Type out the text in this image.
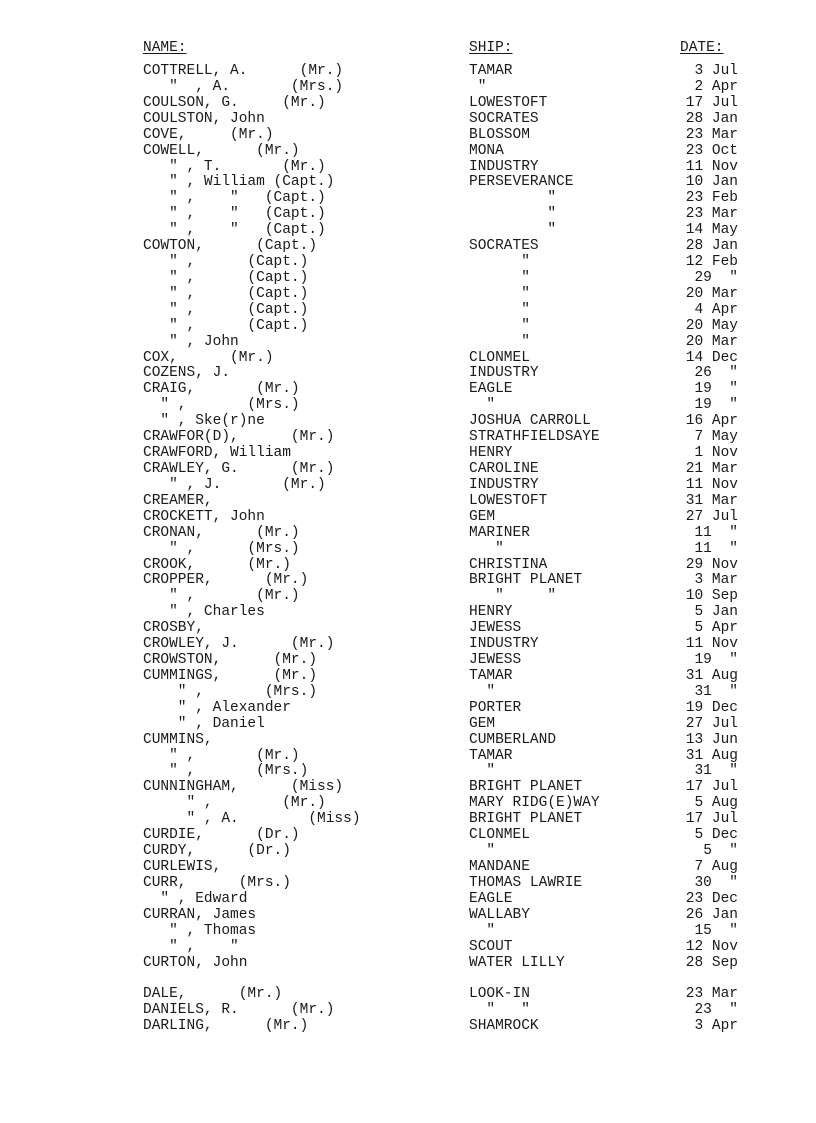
NAME:	SHIP:	DATE:
COTTRELL, A.      (Mr.)	TAMAR	3 Jul
"  , A.       (Mrs.)	"	2 Apr
COULSON, G.     (Mr.)	LOWESTOFT	17 Jul
COULSTON, John	SOCRATES	28 Jan
COVE,     (Mr.)	BLOSSOM	23 Mar
COWELL,      (Mr.)	MONA	23 Oct
" , T.       (Mr.)	INDUSTRY	11 Nov
" , William (Capt.)	PERSEVERANCE	10 Jan
" ,    "   (Capt.)	"	23 Feb
" ,    "   (Capt.)	"	23 Mar
" ,    "   (Capt.)	"	14 May
COWTON,      (Capt.)	SOCRATES	28 Jan
" ,      (Capt.)	"	12 Feb
" ,      (Capt.)	"	29  "
" ,      (Capt.)	"	20 Mar
" ,      (Capt.)	"	4 Apr
" ,      (Capt.)	"	20 May
" , John	"	20 Mar
COX,      (Mr.)	CLONMEL	14 Dec
COZENS, J.	INDUSTRY	26  "
CRAIG,       (Mr.)	EAGLE	19  "
" ,       (Mrs.)	"	19  "
" , Ske(r)ne	JOSHUA CARROLL	16 Apr
CRAWFOR(D),      (Mr.)	STRATHFIELDSAYE	7 May
CRAWFORD, William	HENRY	1 Nov
CRAWLEY, G.      (Mr.)	CAROLINE	21 Mar
" , J.       (Mr.)	INDUSTRY	11 Nov
CREAMER,	LOWESTOFT	31 Mar
CROCKETT, John	GEM	27 Jul
CRONAN,      (Mr.)	MARINER	11  "
" ,      (Mrs.)	"	11  "
CROOK,      (Mr.)	CHRISTINA	29 Nov
CROPPER,      (Mr.)	BRIGHT PLANET	3 Mar
" ,       (Mr.)	"     "	10 Sep
" , Charles	HENRY	5 Jan
CROSBY,	JEWESS	5 Apr
CROWLEY, J.      (Mr.)	INDUSTRY	11 Nov
CROWSTON,      (Mr.)	JEWESS	19  "
CUMMINGS,      (Mr.)	TAMAR	31 Aug
" ,       (Mrs.)	"	31  "
" , Alexander	PORTER	19 Dec
" , Daniel	GEM	27 Jul
CUMMINS,	CUMBERLAND	13 Jun
" ,       (Mr.)	TAMAR	31 Aug
" ,       (Mrs.)	"	31  "
CUNNINGHAM,      (Miss)	BRIGHT PLANET	17 Jul
" ,        (Mr.)	MARY RIDG(E)WAY	5 Aug
" , A.        (Miss)	BRIGHT PLANET	17 Jul
CURDIE,      (Dr.)	CLONMEL	5 Dec
CURDY,      (Dr.)	"	5  "
CURLEWIS,	MANDANE	7 Aug
CURR,      (Mrs.)	THOMAS LAWRIE	30  "
" , Edward	EAGLE	23 Dec
CURRAN, James	WALLABY	26 Jan
" , Thomas	"	15  "
" ,    "	SCOUT	12 Nov
CURTON, John	WATER LILLY	28 Sep
DALE,      (Mr.)	LOOK-IN	23 Mar
DANIELS, R.      (Mr.)	"   "	23  "
DARLING,      (Mr.)	SHAMROCK	3 Apr
